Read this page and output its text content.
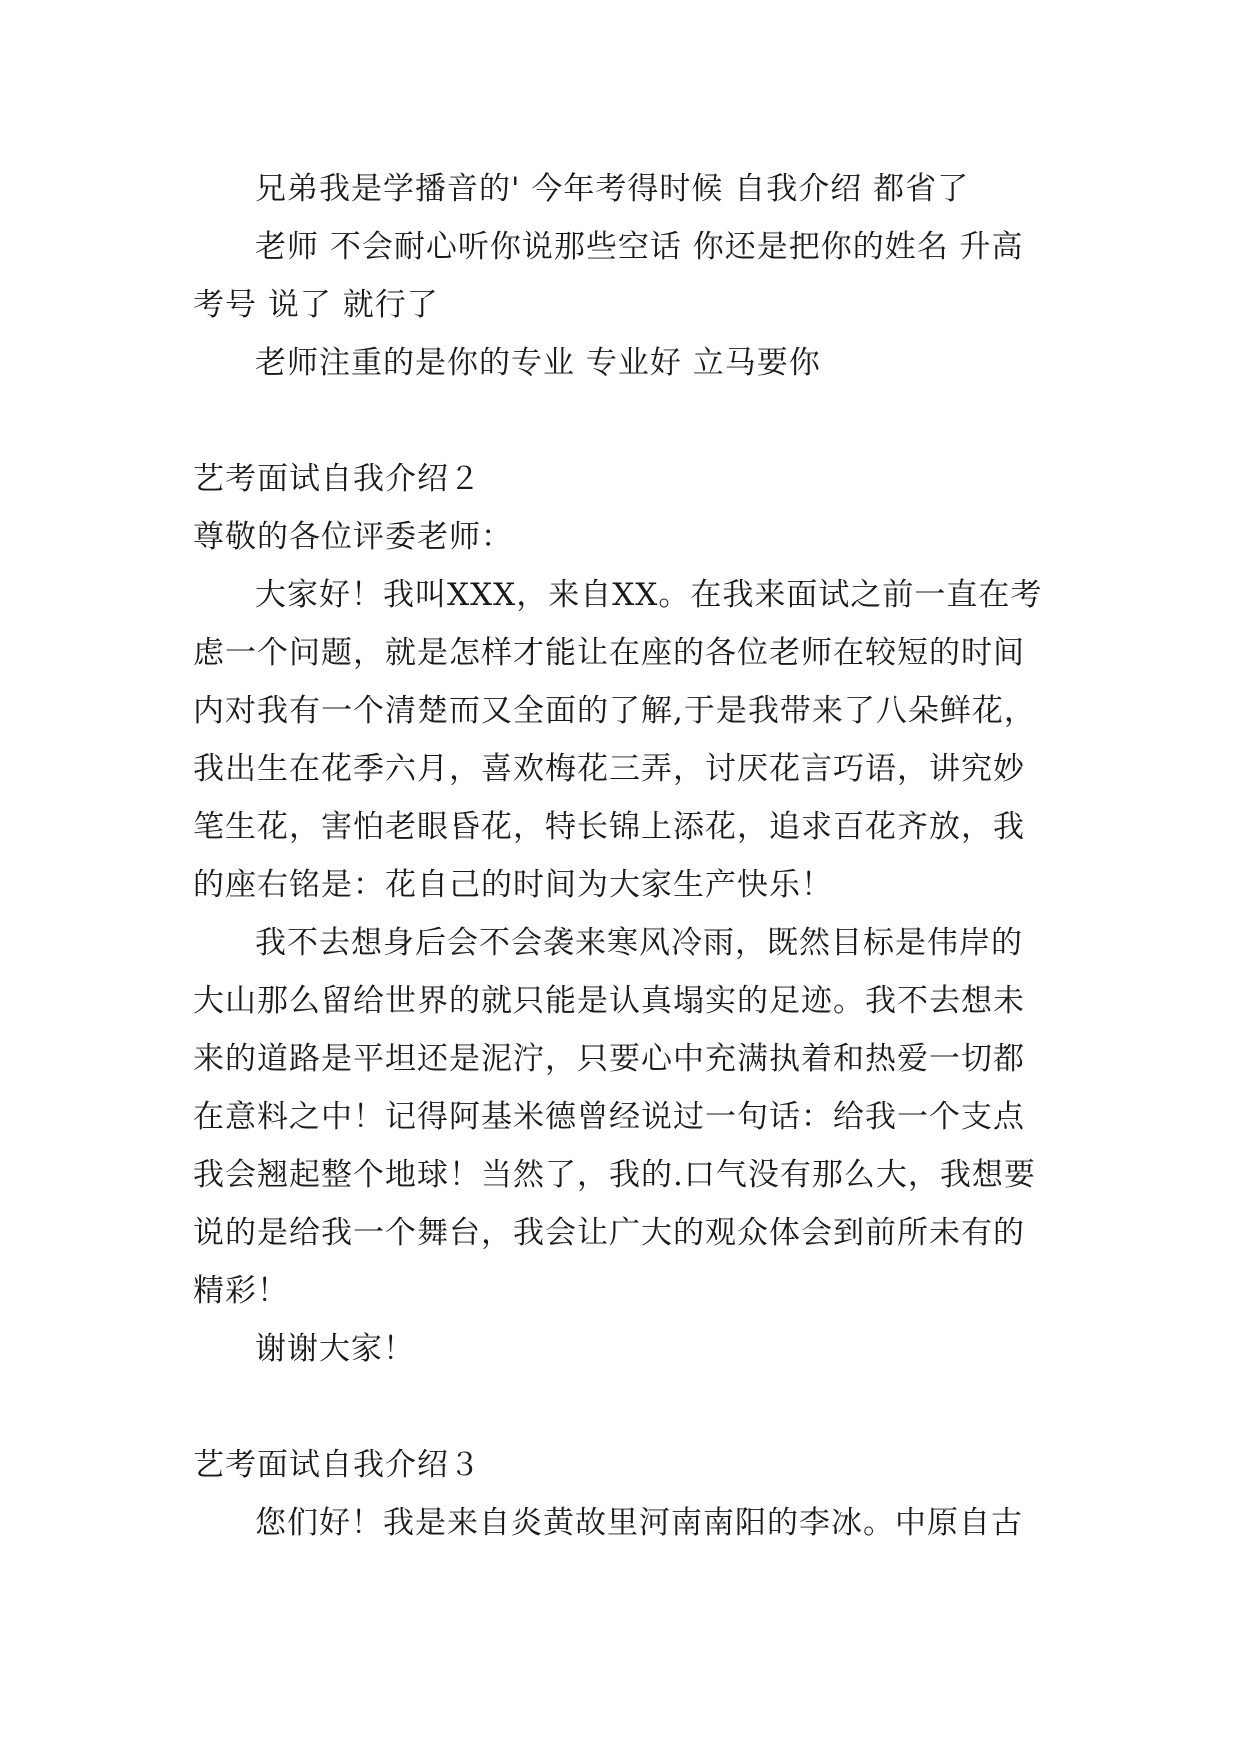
兄弟我是学播音的' 今年考得时候 自我介绍 都省了

老师 不会耐心听你说那些空话 你还是把你的姓名 升高 考号 说了 就行了

老师注重的是你的专业 专业好 立马要你

艺考面试自我介绍２

尊敬的各位评委老师：

大家好！我叫XXX，来自XX。在我来面试之前一直在考虑一个问题，就是怎样才能让在座的各位老师在较短的时间内对我有一个清楚而又全面的了解,于是我带来了八朵鲜花，我出生在花季六月，喜欢梅花三弄，讨厌花言巧语，讲究妙笔生花，害怕老眼昏花，特长锦上添花，追求百花齐放，我的座右铭是：花自己的时间为大家生产快乐！

我不去想身后会不会袭来寒风冷雨，既然目标是伟岸的大山那么留给世界的就只能是认真塌实的足迹。我不去想未来的道路是平坦还是泥泞，只要心中充满执着和热爱一切都在意料之中！记得阿基米德曾经说过一句话：给我一个支点我会翘起整个地球！当然了，我的.口气没有那么大，我想要说的是给我一个舞台，我会让广大的观众体会到前所未有的精彩！

谢谢大家！

艺考面试自我介绍３

您们好！我是来自炎黄故里河南南阳的李冰。中原自古
